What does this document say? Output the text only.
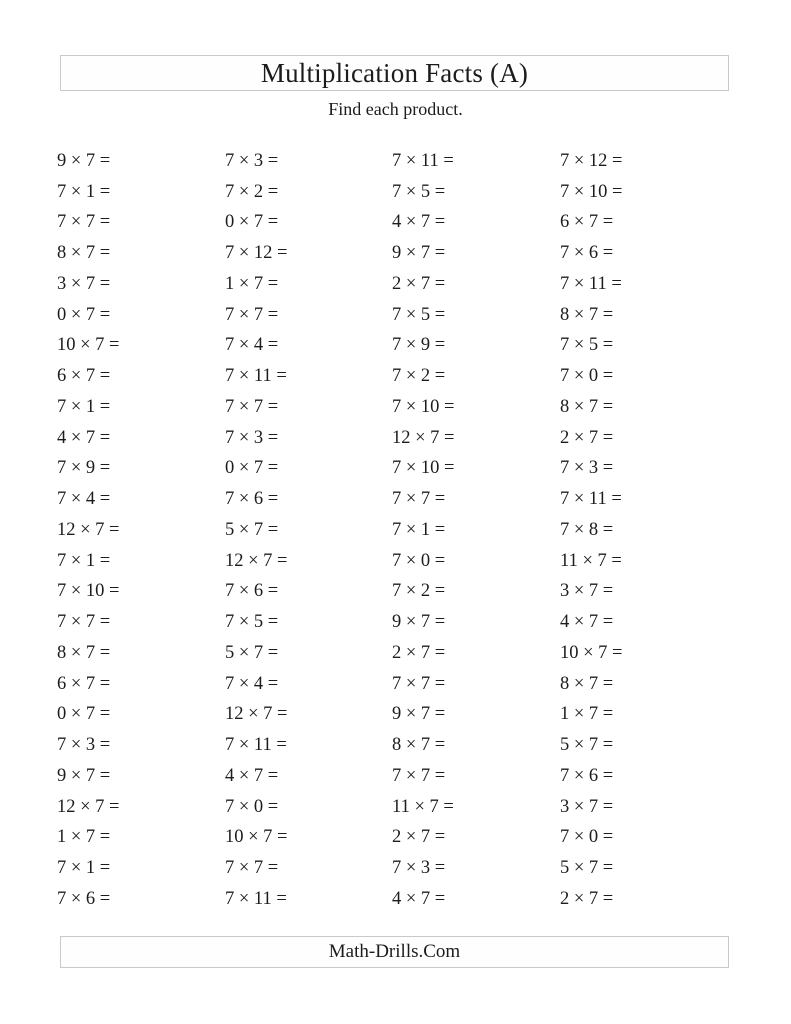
Multiplication Facts (A)
Find each product.
9 × 7 =	7 × 3 =	7 × 11 =	7 × 12 =
7 × 1 =	7 × 2 =	7 × 5 =	7 × 10 =
7 × 7 =	0 × 7 =	4 × 7 =	6 × 7 =
8 × 7 =	7 × 12 =	9 × 7 =	7 × 6 =
3 × 7 =	1 × 7 =	2 × 7 =	7 × 11 =
0 × 7 =	7 × 7 =	7 × 5 =	8 × 7 =
10 × 7 =	7 × 4 =	7 × 9 =	7 × 5 =
6 × 7 =	7 × 11 =	7 × 2 =	7 × 0 =
7 × 1 =	7 × 7 =	7 × 10 =	8 × 7 =
4 × 7 =	7 × 3 =	12 × 7 =	2 × 7 =
7 × 9 =	0 × 7 =	7 × 10 =	7 × 3 =
7 × 4 =	7 × 6 =	7 × 7 =	7 × 11 =
12 × 7 =	5 × 7 =	7 × 1 =	7 × 8 =
7 × 1 =	12 × 7 =	7 × 0 =	11 × 7 =
7 × 10 =	7 × 6 =	7 × 2 =	3 × 7 =
7 × 7 =	7 × 5 =	9 × 7 =	4 × 7 =
8 × 7 =	5 × 7 =	2 × 7 =	10 × 7 =
6 × 7 =	7 × 4 =	7 × 7 =	8 × 7 =
0 × 7 =	12 × 7 =	9 × 7 =	1 × 7 =
7 × 3 =	7 × 11 =	8 × 7 =	5 × 7 =
9 × 7 =	4 × 7 =	7 × 7 =	7 × 6 =
12 × 7 =	7 × 0 =	11 × 7 =	3 × 7 =
1 × 7 =	10 × 7 =	2 × 7 =	7 × 0 =
7 × 1 =	7 × 7 =	7 × 3 =	5 × 7 =
7 × 6 =	7 × 11 =	4 × 7 =	2 × 7 =
Math-Drills.Com
